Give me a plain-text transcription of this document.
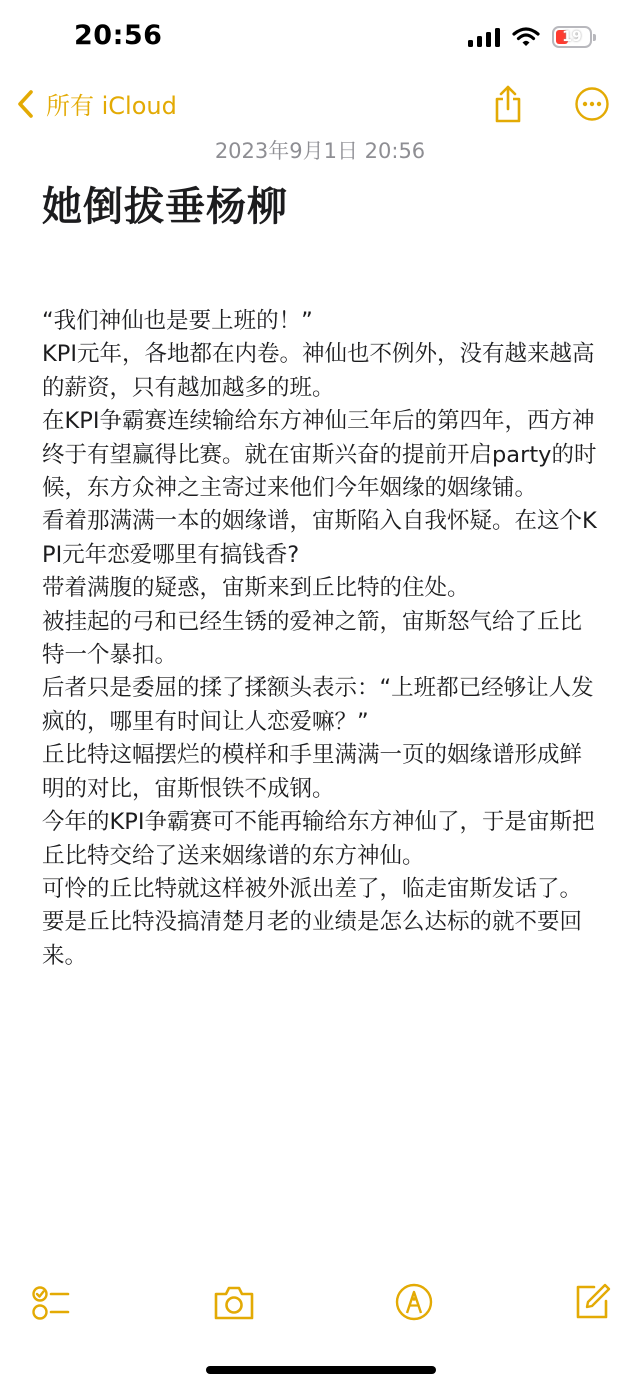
20:56	19
所有 iCloud
2023年9月1日 20:56
她倒拔垂杨柳

“我们神仙也是要上班的！”

KPI元年，各地都在内卷。神仙也不例外，没有越来越高的薪资，只有越加越多的班。

在KPI争霸赛连续输给东方神仙三年后的第四年，西方神终于有望赢得比赛。就在宙斯兴奋的提前开启party的时候，东方众神之主寄过来他们今年姻缘的姻缘铺。

看着那满满一本的姻缘谱，宙斯陷入自我怀疑。在这个KPI元年恋爱哪里有搞钱香?

带着满腹的疑惑，宙斯来到丘比特的住处。

被挂起的弓和已经生锈的爱神之箭，宙斯怒气给了丘比特一个暴扣。

后者只是委屈的揉了揉额头表示：“上班都已经够让人发疯的，哪里有时间让人恋爱嘛？”

丘比特这幅摆烂的模样和手里满满一页的姻缘谱形成鲜明的对比，宙斯恨铁不成钢。

今年的KPI争霸赛可不能再输给东方神仙了，于是宙斯把丘比特交给了送来姻缘谱的东方神仙。

可怜的丘比特就这样被外派出差了，临走宙斯发话了。

要是丘比特没搞清楚月老的业绩是怎么达标的就不要回来。
